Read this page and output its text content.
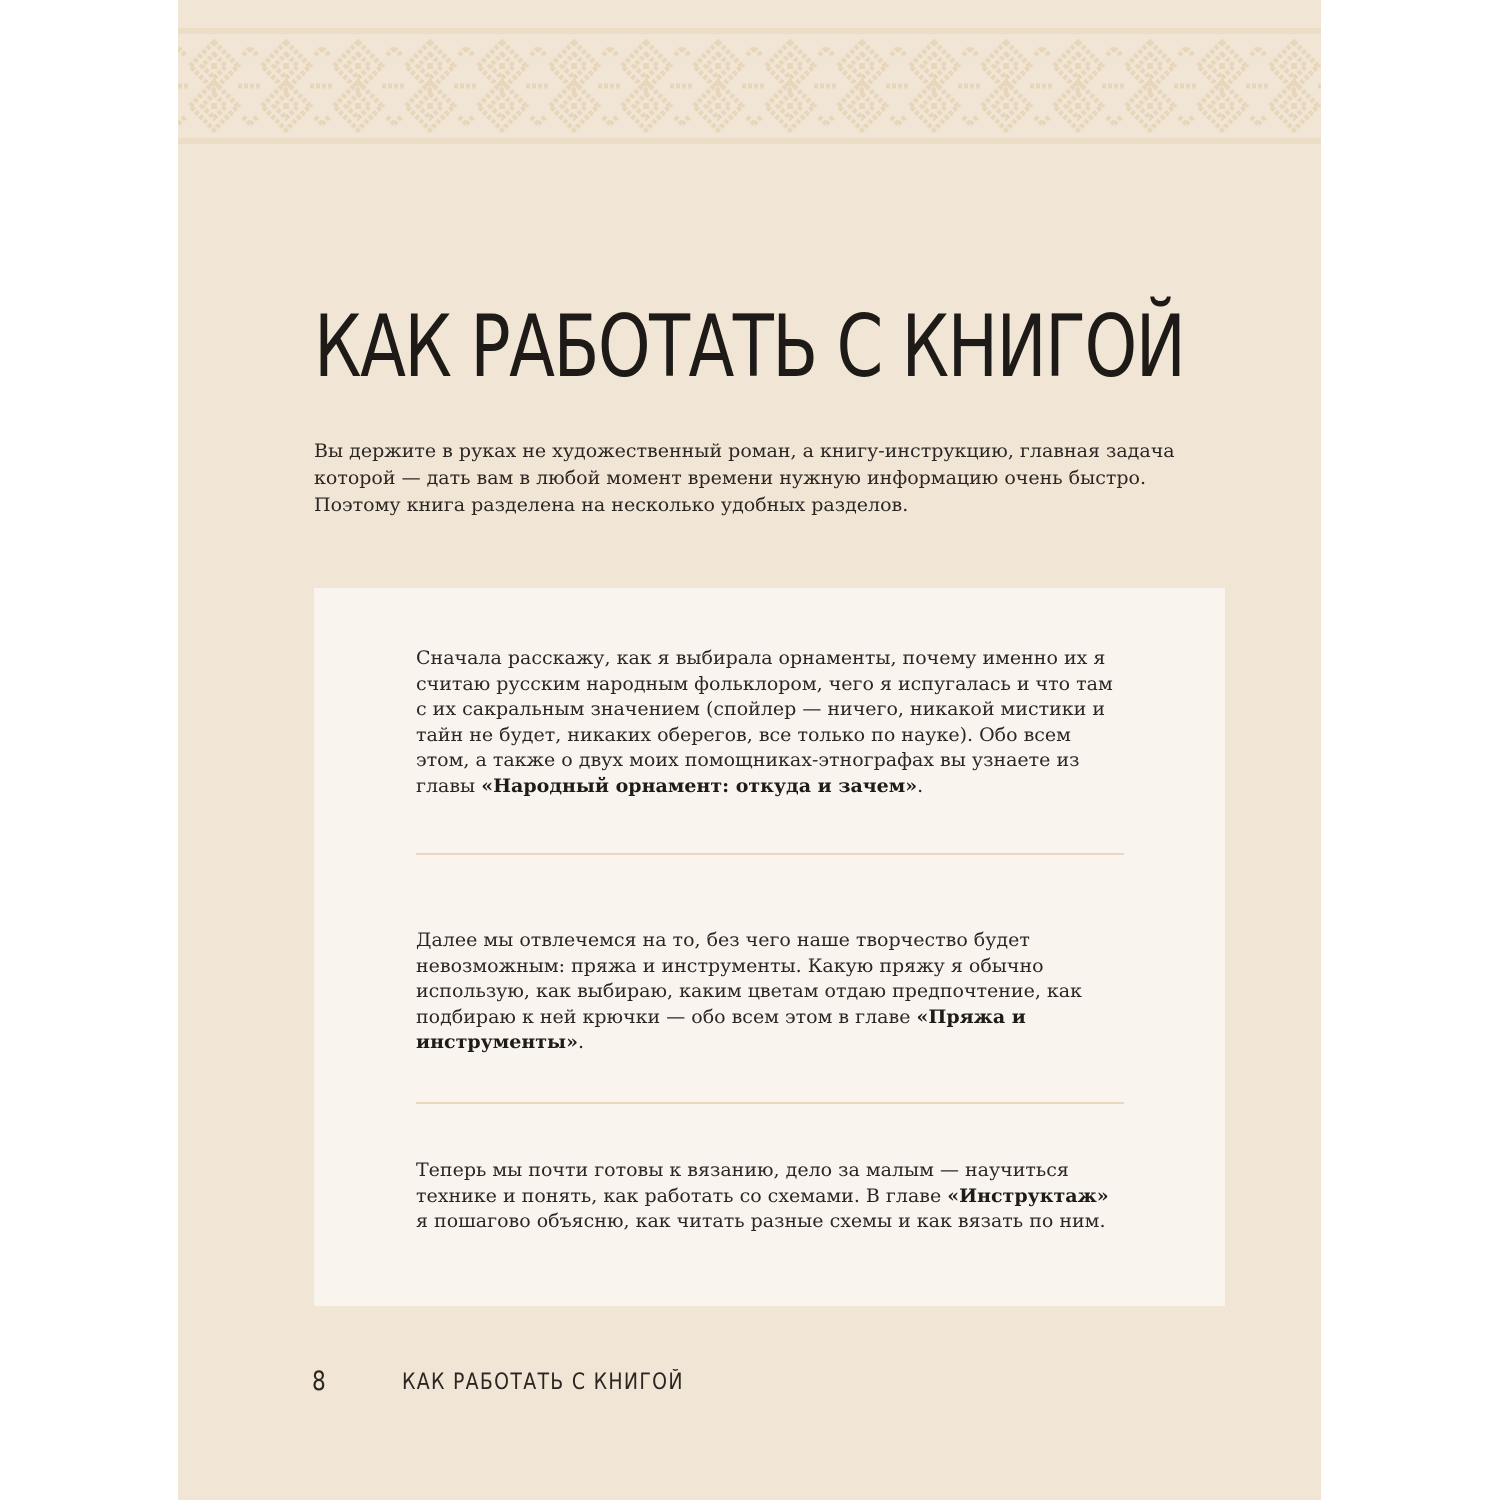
КАК РАБОТАТЬ С КНИГОЙ

Вы держите в руках не художественный роман, а книгу-инструкцию, главная задача которой — дать вам в любой момент времени нужную информацию очень быстро. Поэтому книга разделена на несколько удобных разделов.

Сначала расскажу, как я выбирала орнаменты, почему именно их я считаю русским народным фольклором, чего я испугалась и что там с их сакральным значением (спойлер — ничего, никакой мистики и тайн не будет, никаких оберегов, все только по науке). Обо всем этом, а также о двух моих помощниках-этнографах вы узнаете из главы «Народный орнамент: откуда и зачем».

Далее мы отвлечемся на то, без чего наше творчество будет невозможным: пряжа и инструменты. Какую пряжу я обычно использую, как выбираю, каким цветам отдаю предпочтение, как подбираю к ней крючки — обо всем этом в главе «Пряжа и инструменты».

Теперь мы почти готовы к вязанию, дело за малым — научиться технике и понять, как работать со схемами. В главе «Инструктаж» я пошагово объясню, как читать разные схемы и как вязать по ним.

8	КАК РАБОТАТЬ С КНИГОЙ
